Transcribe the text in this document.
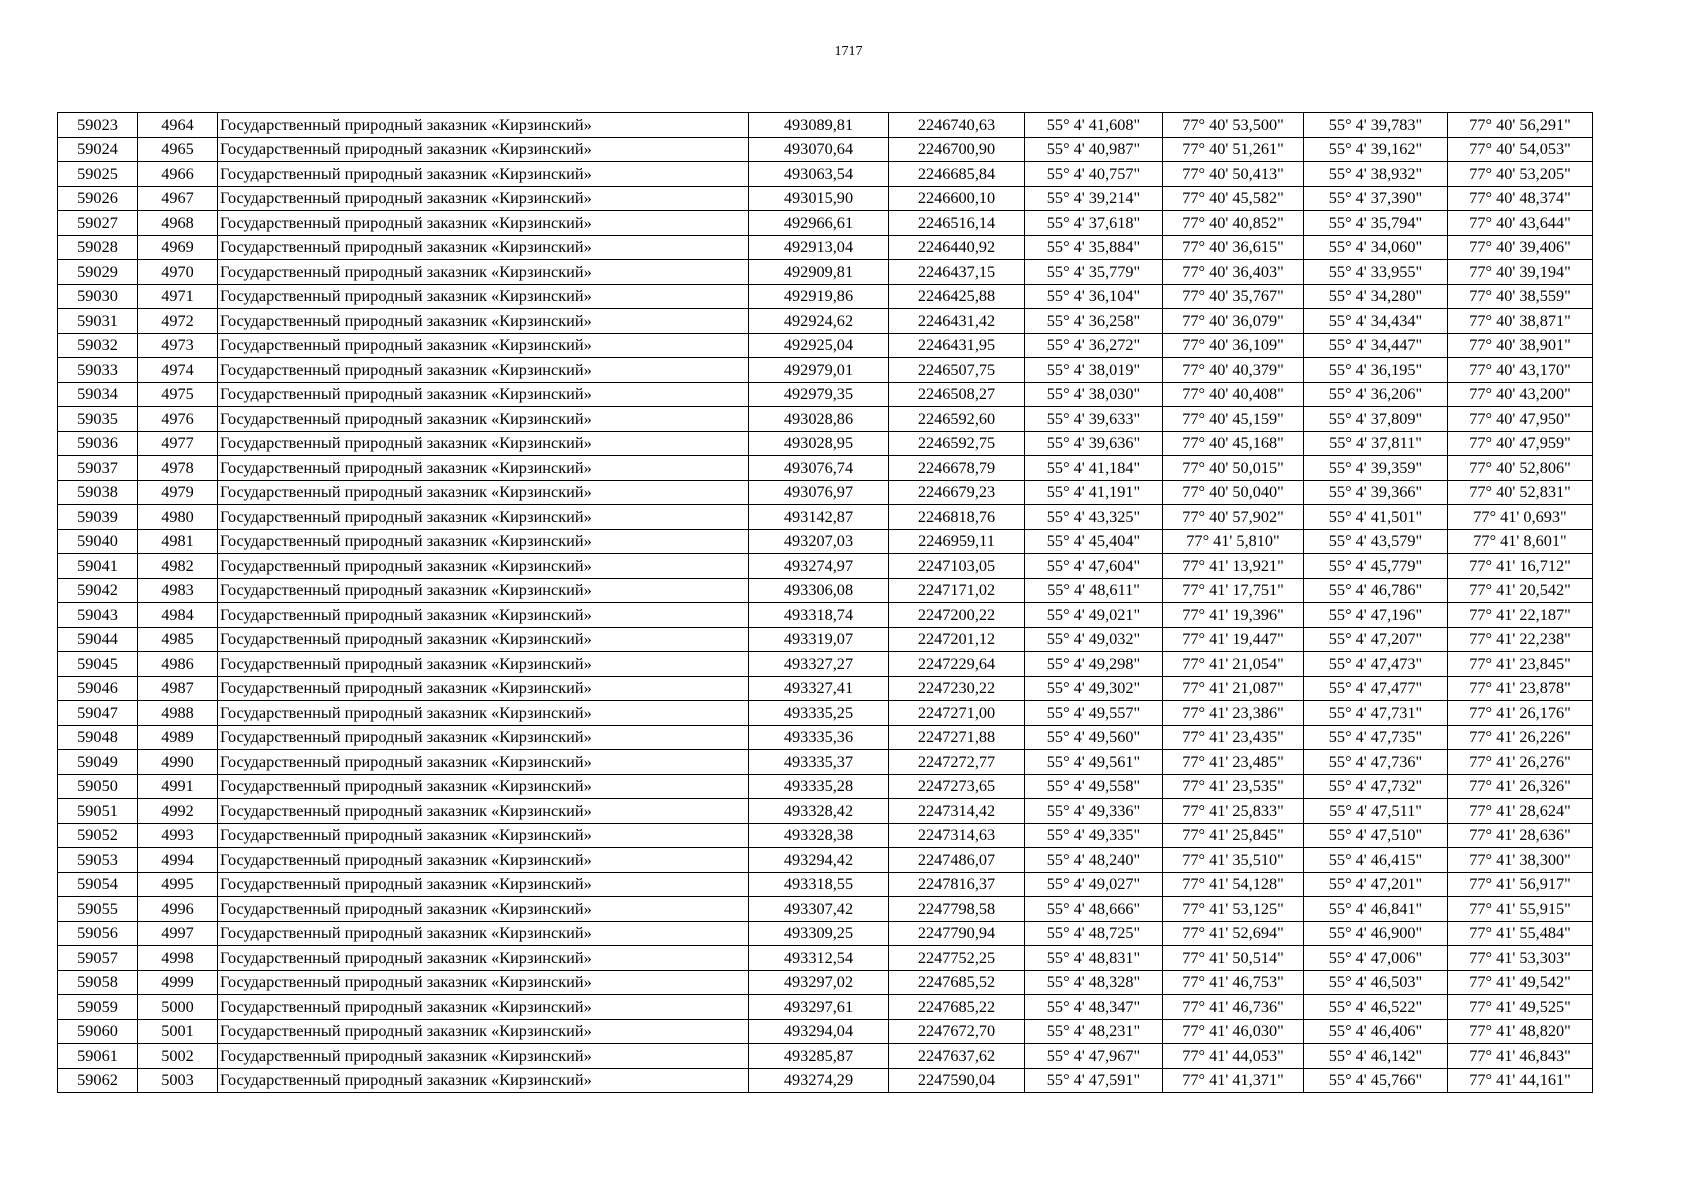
1717
59023	4964	Государственный природный заказник «Кирзинский»	493089,81	2246740,63	55° 4' 41,608"	77° 40' 53,500"	55° 4' 39,783"	77° 40' 56,291"
59024	4965	Государственный природный заказник «Кирзинский»	493070,64	2246700,90	55° 4' 40,987"	77° 40' 51,261"	55° 4' 39,162"	77° 40' 54,053"
59025	4966	Государственный природный заказник «Кирзинский»	493063,54	2246685,84	55° 4' 40,757"	77° 40' 50,413"	55° 4' 38,932"	77° 40' 53,205"
59026	4967	Государственный природный заказник «Кирзинский»	493015,90	2246600,10	55° 4' 39,214"	77° 40' 45,582"	55° 4' 37,390"	77° 40' 48,374"
59027	4968	Государственный природный заказник «Кирзинский»	492966,61	2246516,14	55° 4' 37,618"	77° 40' 40,852"	55° 4' 35,794"	77° 40' 43,644"
59028	4969	Государственный природный заказник «Кирзинский»	492913,04	2246440,92	55° 4' 35,884"	77° 40' 36,615"	55° 4' 34,060"	77° 40' 39,406"
59029	4970	Государственный природный заказник «Кирзинский»	492909,81	2246437,15	55° 4' 35,779"	77° 40' 36,403"	55° 4' 33,955"	77° 40' 39,194"
59030	4971	Государственный природный заказник «Кирзинский»	492919,86	2246425,88	55° 4' 36,104"	77° 40' 35,767"	55° 4' 34,280"	77° 40' 38,559"
59031	4972	Государственный природный заказник «Кирзинский»	492924,62	2246431,42	55° 4' 36,258"	77° 40' 36,079"	55° 4' 34,434"	77° 40' 38,871"
59032	4973	Государственный природный заказник «Кирзинский»	492925,04	2246431,95	55° 4' 36,272"	77° 40' 36,109"	55° 4' 34,447"	77° 40' 38,901"
59033	4974	Государственный природный заказник «Кирзинский»	492979,01	2246507,75	55° 4' 38,019"	77° 40' 40,379"	55° 4' 36,195"	77° 40' 43,170"
59034	4975	Государственный природный заказник «Кирзинский»	492979,35	2246508,27	55° 4' 38,030"	77° 40' 40,408"	55° 4' 36,206"	77° 40' 43,200"
59035	4976	Государственный природный заказник «Кирзинский»	493028,86	2246592,60	55° 4' 39,633"	77° 40' 45,159"	55° 4' 37,809"	77° 40' 47,950"
59036	4977	Государственный природный заказник «Кирзинский»	493028,95	2246592,75	55° 4' 39,636"	77° 40' 45,168"	55° 4' 37,811"	77° 40' 47,959"
59037	4978	Государственный природный заказник «Кирзинский»	493076,74	2246678,79	55° 4' 41,184"	77° 40' 50,015"	55° 4' 39,359"	77° 40' 52,806"
59038	4979	Государственный природный заказник «Кирзинский»	493076,97	2246679,23	55° 4' 41,191"	77° 40' 50,040"	55° 4' 39,366"	77° 40' 52,831"
59039	4980	Государственный природный заказник «Кирзинский»	493142,87	2246818,76	55° 4' 43,325"	77° 40' 57,902"	55° 4' 41,501"	77° 41' 0,693"
59040	4981	Государственный природный заказник «Кирзинский»	493207,03	2246959,11	55° 4' 45,404"	77° 41' 5,810"	55° 4' 43,579"	77° 41' 8,601"
59041	4982	Государственный природный заказник «Кирзинский»	493274,97	2247103,05	55° 4' 47,604"	77° 41' 13,921"	55° 4' 45,779"	77° 41' 16,712"
59042	4983	Государственный природный заказник «Кирзинский»	493306,08	2247171,02	55° 4' 48,611"	77° 41' 17,751"	55° 4' 46,786"	77° 41' 20,542"
59043	4984	Государственный природный заказник «Кирзинский»	493318,74	2247200,22	55° 4' 49,021"	77° 41' 19,396"	55° 4' 47,196"	77° 41' 22,187"
59044	4985	Государственный природный заказник «Кирзинский»	493319,07	2247201,12	55° 4' 49,032"	77° 41' 19,447"	55° 4' 47,207"	77° 41' 22,238"
59045	4986	Государственный природный заказник «Кирзинский»	493327,27	2247229,64	55° 4' 49,298"	77° 41' 21,054"	55° 4' 47,473"	77° 41' 23,845"
59046	4987	Государственный природный заказник «Кирзинский»	493327,41	2247230,22	55° 4' 49,302"	77° 41' 21,087"	55° 4' 47,477"	77° 41' 23,878"
59047	4988	Государственный природный заказник «Кирзинский»	493335,25	2247271,00	55° 4' 49,557"	77° 41' 23,386"	55° 4' 47,731"	77° 41' 26,176"
59048	4989	Государственный природный заказник «Кирзинский»	493335,36	2247271,88	55° 4' 49,560"	77° 41' 23,435"	55° 4' 47,735"	77° 41' 26,226"
59049	4990	Государственный природный заказник «Кирзинский»	493335,37	2247272,77	55° 4' 49,561"	77° 41' 23,485"	55° 4' 47,736"	77° 41' 26,276"
59050	4991	Государственный природный заказник «Кирзинский»	493335,28	2247273,65	55° 4' 49,558"	77° 41' 23,535"	55° 4' 47,732"	77° 41' 26,326"
59051	4992	Государственный природный заказник «Кирзинский»	493328,42	2247314,42	55° 4' 49,336"	77° 41' 25,833"	55° 4' 47,511"	77° 41' 28,624"
59052	4993	Государственный природный заказник «Кирзинский»	493328,38	2247314,63	55° 4' 49,335"	77° 41' 25,845"	55° 4' 47,510"	77° 41' 28,636"
59053	4994	Государственный природный заказник «Кирзинский»	493294,42	2247486,07	55° 4' 48,240"	77° 41' 35,510"	55° 4' 46,415"	77° 41' 38,300"
59054	4995	Государственный природный заказник «Кирзинский»	493318,55	2247816,37	55° 4' 49,027"	77° 41' 54,128"	55° 4' 47,201"	77° 41' 56,917"
59055	4996	Государственный природный заказник «Кирзинский»	493307,42	2247798,58	55° 4' 48,666"	77° 41' 53,125"	55° 4' 46,841"	77° 41' 55,915"
59056	4997	Государственный природный заказник «Кирзинский»	493309,25	2247790,94	55° 4' 48,725"	77° 41' 52,694"	55° 4' 46,900"	77° 41' 55,484"
59057	4998	Государственный природный заказник «Кирзинский»	493312,54	2247752,25	55° 4' 48,831"	77° 41' 50,514"	55° 4' 47,006"	77° 41' 53,303"
59058	4999	Государственный природный заказник «Кирзинский»	493297,02	2247685,52	55° 4' 48,328"	77° 41' 46,753"	55° 4' 46,503"	77° 41' 49,542"
59059	5000	Государственный природный заказник «Кирзинский»	493297,61	2247685,22	55° 4' 48,347"	77° 41' 46,736"	55° 4' 46,522"	77° 41' 49,525"
59060	5001	Государственный природный заказник «Кирзинский»	493294,04	2247672,70	55° 4' 48,231"	77° 41' 46,030"	55° 4' 46,406"	77° 41' 48,820"
59061	5002	Государственный природный заказник «Кирзинский»	493285,87	2247637,62	55° 4' 47,967"	77° 41' 44,053"	55° 4' 46,142"	77° 41' 46,843"
59062	5003	Государственный природный заказник «Кирзинский»	493274,29	2247590,04	55° 4' 47,591"	77° 41' 41,371"	55° 4' 45,766"	77° 41' 44,161"
